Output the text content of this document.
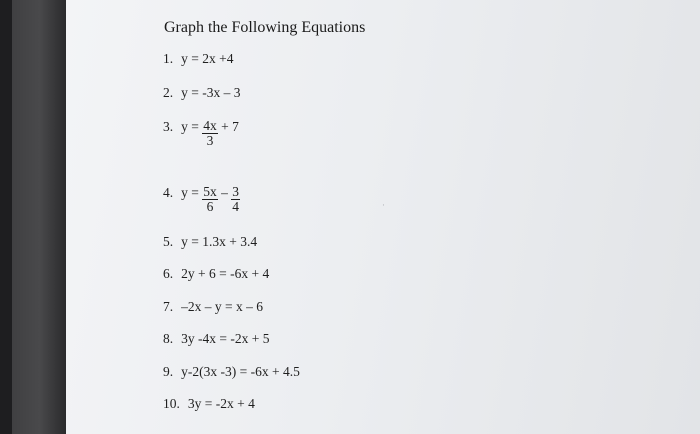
Graph the Following Equations
1. y = 2x +4
2. y = -3x – 3
3. $y = \frac{4x}{3} + 7$
4. $y = \frac{5x}{6} - \frac{3}{4}$
5. y = 1.3x + 3.4
6. 2y + 6 = -6x + 4
7. –2x – y = x – 6
8. 3y -4x = -2x + 5
9. y-2(3x -3) = -6x + 4.5
10. 3y = -2x + 4
·
